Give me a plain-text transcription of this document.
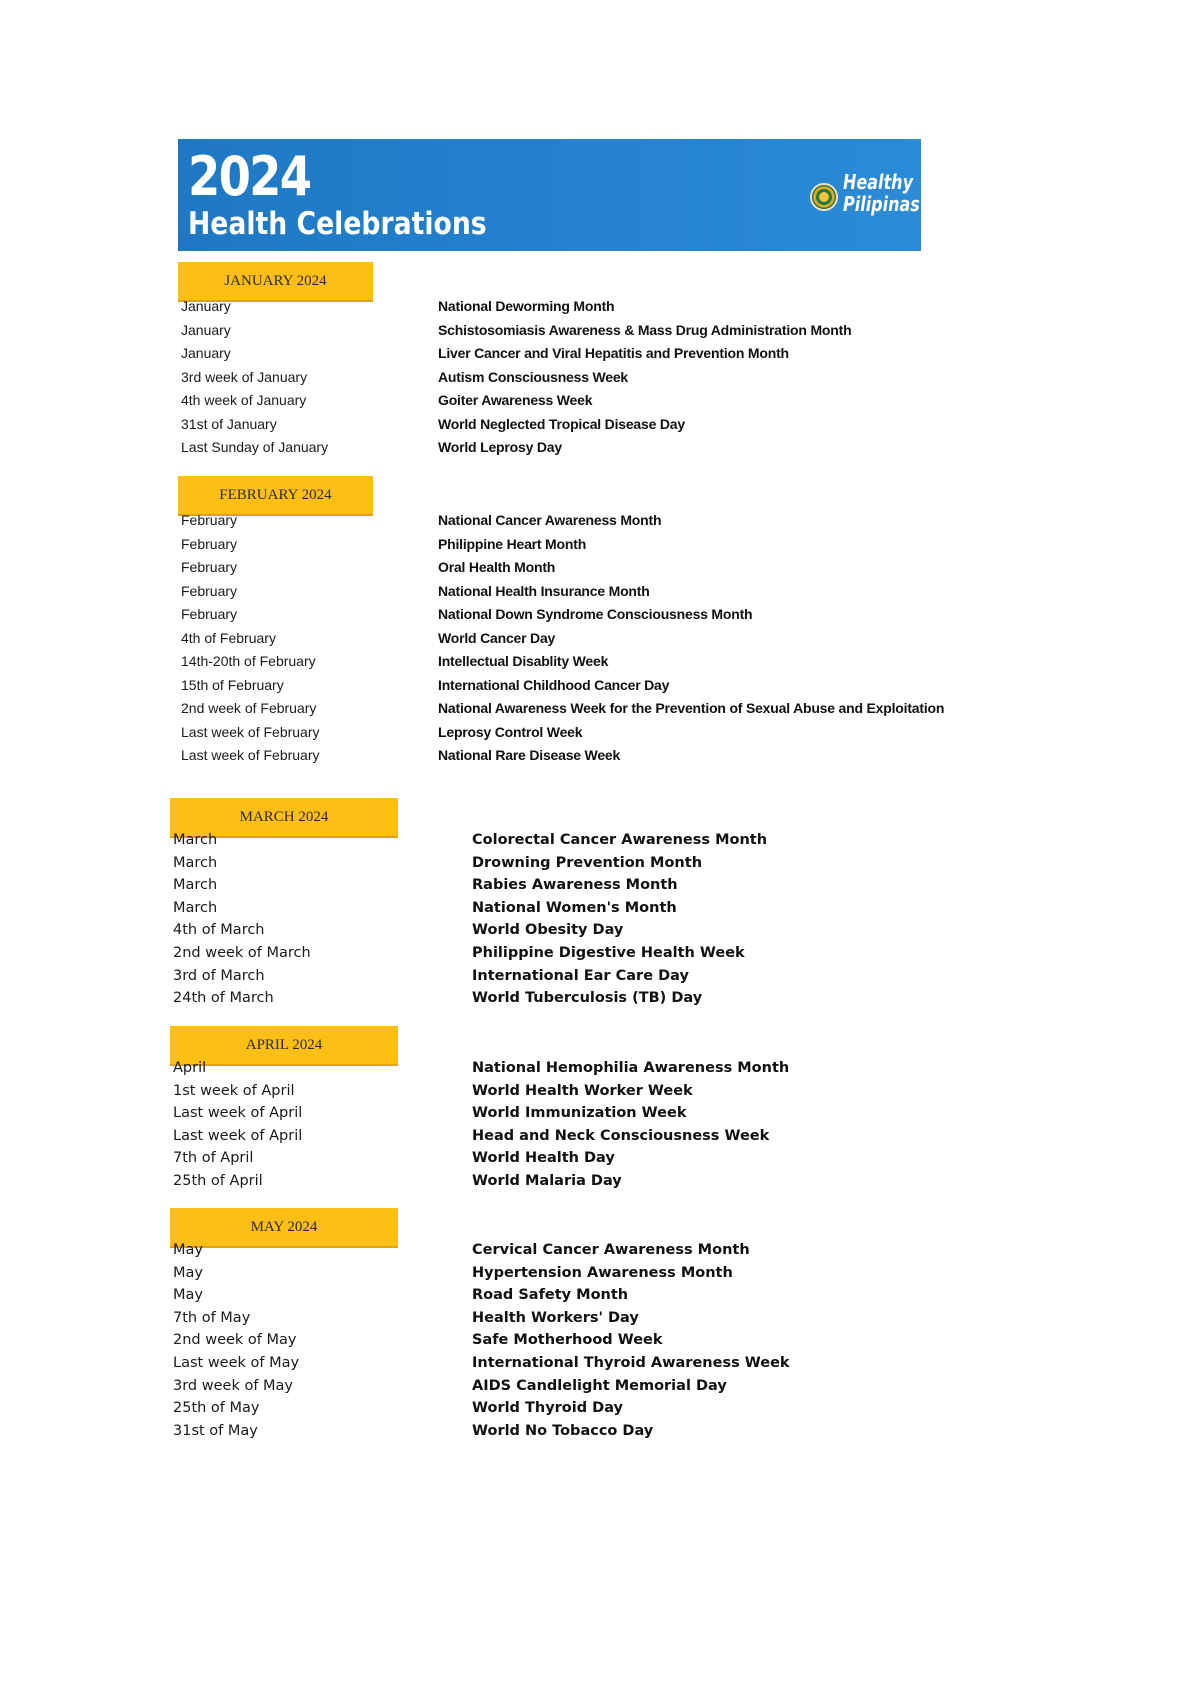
2024
Health Celebrations
Healthy
Pilipinas
JANUARY 2024
January	National Deworming Month
January	Schistosomiasis Awareness & Mass Drug Administration Month
January	Liver Cancer and Viral Hepatitis and Prevention Month
3rd week of January	Autism Consciousness Week
4th week of January	Goiter Awareness Week
31st of January	World Neglected Tropical Disease Day
Last Sunday of January	World Leprosy Day
FEBRUARY 2024
February	National Cancer Awareness Month
February	Philippine Heart Month
February	Oral Health Month
February	National Health Insurance Month
February	National Down Syndrome Consciousness Month
4th of February	World Cancer Day
14th-20th of February	Intellectual Disablity Week
15th of February	International Childhood Cancer Day
2nd week of February	National Awareness Week for the Prevention of Sexual Abuse and Exploitation
Last week of February	Leprosy Control Week
Last week of February	National Rare Disease Week
MARCH 2024
March	Colorectal Cancer Awareness Month
March	Drowning Prevention Month
March	Rabies Awareness Month
March	National Women's Month
4th of March	World Obesity Day
2nd week of March	Philippine Digestive Health Week
3rd of March	International Ear Care Day
24th of March	World Tuberculosis (TB) Day
APRIL 2024
April	National Hemophilia Awareness Month
1st week of April	World Health Worker Week
Last week of April	World Immunization Week
Last week of April	Head and Neck Consciousness Week
7th of April	World Health Day
25th of April	World Malaria Day
MAY 2024
May	Cervical Cancer Awareness Month
May	Hypertension Awareness Month
May	Road Safety Month
7th of May	Health Workers' Day
2nd week of May	Safe Motherhood Week
Last week of May	International Thyroid Awareness Week
3rd week of May	AIDS Candlelight Memorial Day
25th of May	World Thyroid Day
31st of May	World No Tobacco Day
